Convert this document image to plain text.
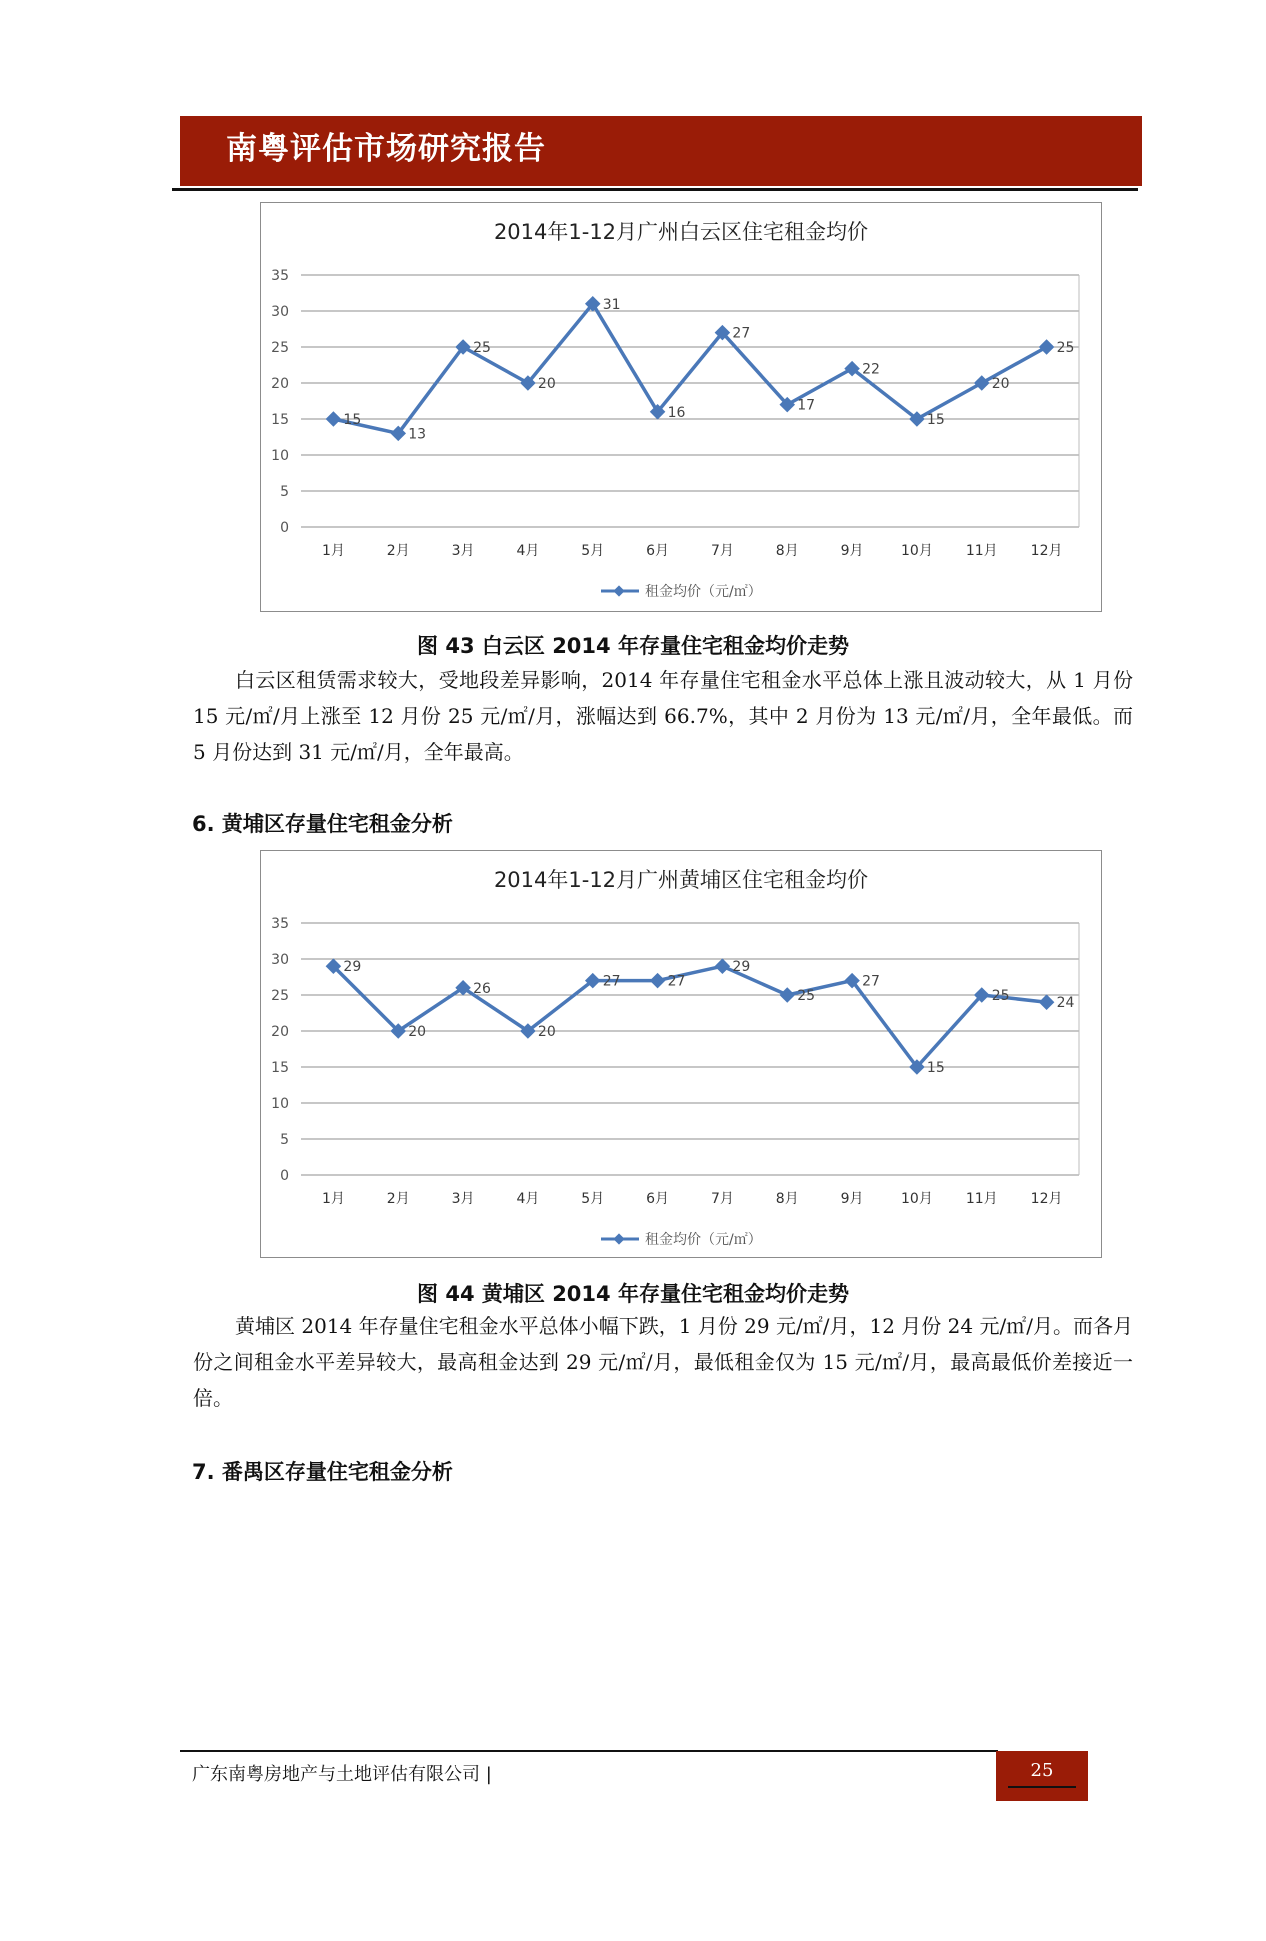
南粤评估市场研究报告
2014年1-12月广州白云区住宅租金均价
0
5
10
15
20
25
30
35
1月	2月	3月	4月	5月	6月	7月	8月	9月	10月 11月 12月
15
13
25
20
31
16
27
17
22
15
20
25
租金均价（元/㎡）
图 43 白云区 2014 年存量住宅租金均价走势

白云区租赁需求较大，受地段差异影响，2014 年存量住宅租金水平总体上涨且波动较大，从 1 月份 15 元/㎡/月上涨至 12 月份 25 元/㎡/月，涨幅达到 66.7%，其中 2 月份为 13 元/㎡/月，全年最低。而 5 月份达到 31 元/㎡/月，全年最高。

6. 黄埔区存量住宅租金分析
2014年1-12月广州黄埔区住宅租金均价
0
5
10
15
20
25
30
35
1月	2月	3月	4月	5月	6月	7月	8月	9月	10月 11月 12月
29
20
26
20
27	27
29
25
27
15
25	24
租金均价（元/㎡）
图 44 黄埔区 2014 年存量住宅租金均价走势

黄埔区 2014 年存量住宅租金水平总体小幅下跌，1 月份 29 元/㎡/月，12 月份 24 元/㎡/月。而各月份之间租金水平差异较大，最高租金达到 29 元/㎡/月，最低租金仅为 15 元/㎡/月，最高最低价差接近一倍。

7. 番禺区存量住宅租金分析
广东南粤房地产与土地评估有限公司 |	25
